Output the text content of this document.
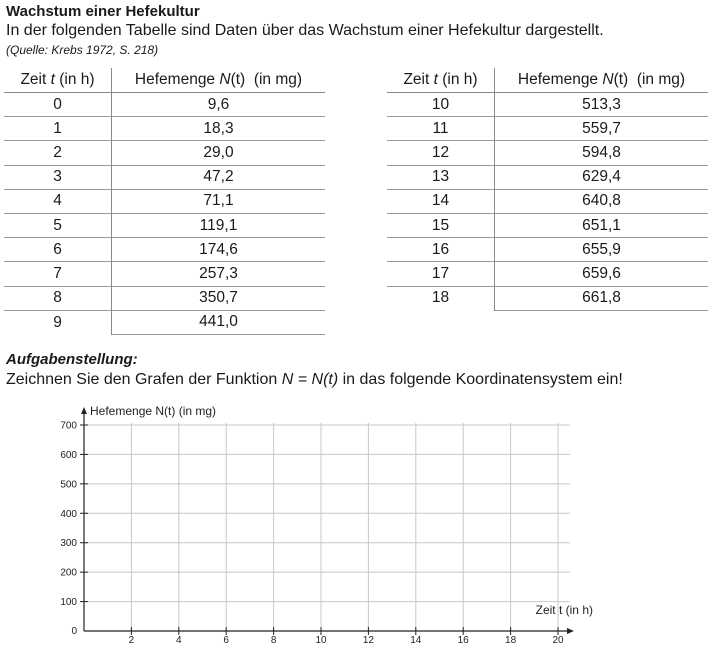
Wachstum einer Hefekultur
In der folgenden Tabelle sind Daten über das Wachstum einer Hefekultur dargestellt.
(Quelle: Krebs 1972, S. 218)
Zeit t (in h)	Hefemenge N(t)  (in mg)
0	9,6
1	18,3
2	29,0
3	47,2
4	71,1
5	119,1
6	174,6
7	257,3
8	350,7
9	441,0
Zeit t (in h)	Hefemenge N(t)  (in mg)
10	513,3
11	559,7
12	594,8
13	629,4
14	640,8
15	651,1
16	655,9
17	659,6
18	661,8
Aufgabenstellung:
Zeichnen Sie den Grafen der Funktion N = N(t) in das folgende Koordinatensystem ein!
2	4	6	8	10	12	14	16	18	20
100
200
300
400
500
600
700
0
Hefemenge N(t) (in mg)
Zeit t (in h)
